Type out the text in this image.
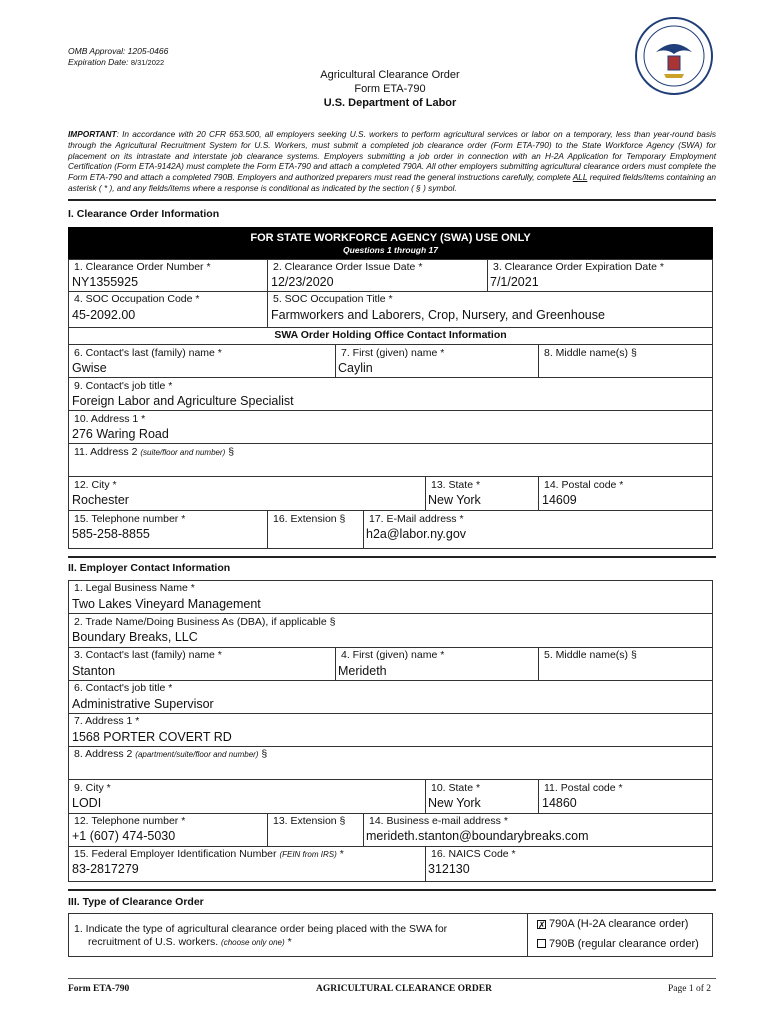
OMB Approval: 1205-0466
Expiration Date: 8/31/2022
Agricultural Clearance Order
Form ETA-790
U.S. Department of Labor
IMPORTANT: In accordance with 20 CFR 653.500, all employers seeking U.S. workers to perform agricultural services or labor on a temporary, less than year-round basis through the Agricultural Recruitment System for U.S. Workers, must submit a completed job clearance order (Form ETA-790) to the State Workforce Agency (SWA) for placement on its intrastate and interstate job clearance systems. Employers submitting a job order in connection with an H-2A Application for Temporary Employment Certification (Form ETA-9142A) must complete the Form ETA-790 and attach a completed 790A. All other employers submitting agricultural clearance orders must complete the Form ETA-790 and attach a completed 790B. Employers and authorized preparers must read the general instructions carefully, complete ALL required fields/items containing an asterisk ( * ), and any fields/items where a response is conditional as indicated by the section ( § ) symbol.
I. Clearance Order Information
FOR STATE WORKFORCE AGENCY (SWA) USE ONLY
Questions 1 through 17
1. Clearance Order Number *
NY1355925
2. Clearance Order Issue Date *
12/23/2020
3. Clearance Order Expiration Date *
7/1/2021
4. SOC Occupation Code *
45-2092.00
5. SOC Occupation Title *
Farmworkers and Laborers, Crop, Nursery, and Greenhouse
SWA Order Holding Office Contact Information
6. Contact's last (family) name *
Gwise
7. First (given) name *
Caylin
8. Middle name(s) §
9. Contact's job title *
Foreign Labor and Agriculture Specialist
10. Address 1 *
276 Waring Road
11. Address 2 (suite/floor and number) §
12. City *
Rochester
13. State *
New York
14. Postal code *
14609
15. Telephone number *
585-258-8855
16. Extension § 17. E-Mail address *
h2a@labor.ny.gov
II. Employer Contact Information
1. Legal Business Name *
Two Lakes Vineyard Management
2. Trade Name/Doing Business As (DBA), if applicable §
Boundary Breaks, LLC
3. Contact's last (family) name *
Stanton
4. First (given) name *
Merideth
5. Middle name(s) §
6. Contact's job title *
Administrative Supervisor
7. Address 1 *
1568 PORTER COVERT RD
8. Address 2 (apartment/suite/floor and number) §
9. City *
LODI
10. State *
New York
11. Postal code *
14860
12. Telephone number *
+1 (607) 474-5030
13. Extension § 14. Business e-mail address *
merideth.stanton@boundarybreaks.com
15. Federal Employer Identification Number (FEIN from IRS) *
83-2817279
16. NAICS Code *
312130
III. Type of Clearance Order
1. Indicate the type of agricultural clearance order being placed with the SWA for
recruitment of U.S. workers. (choose only one) *
✗ 790A (H-2A clearance order)
790B (regular clearance order)
Form ETA-790	AGRICULTURAL CLEARANCE ORDER	Page 1 of 2
